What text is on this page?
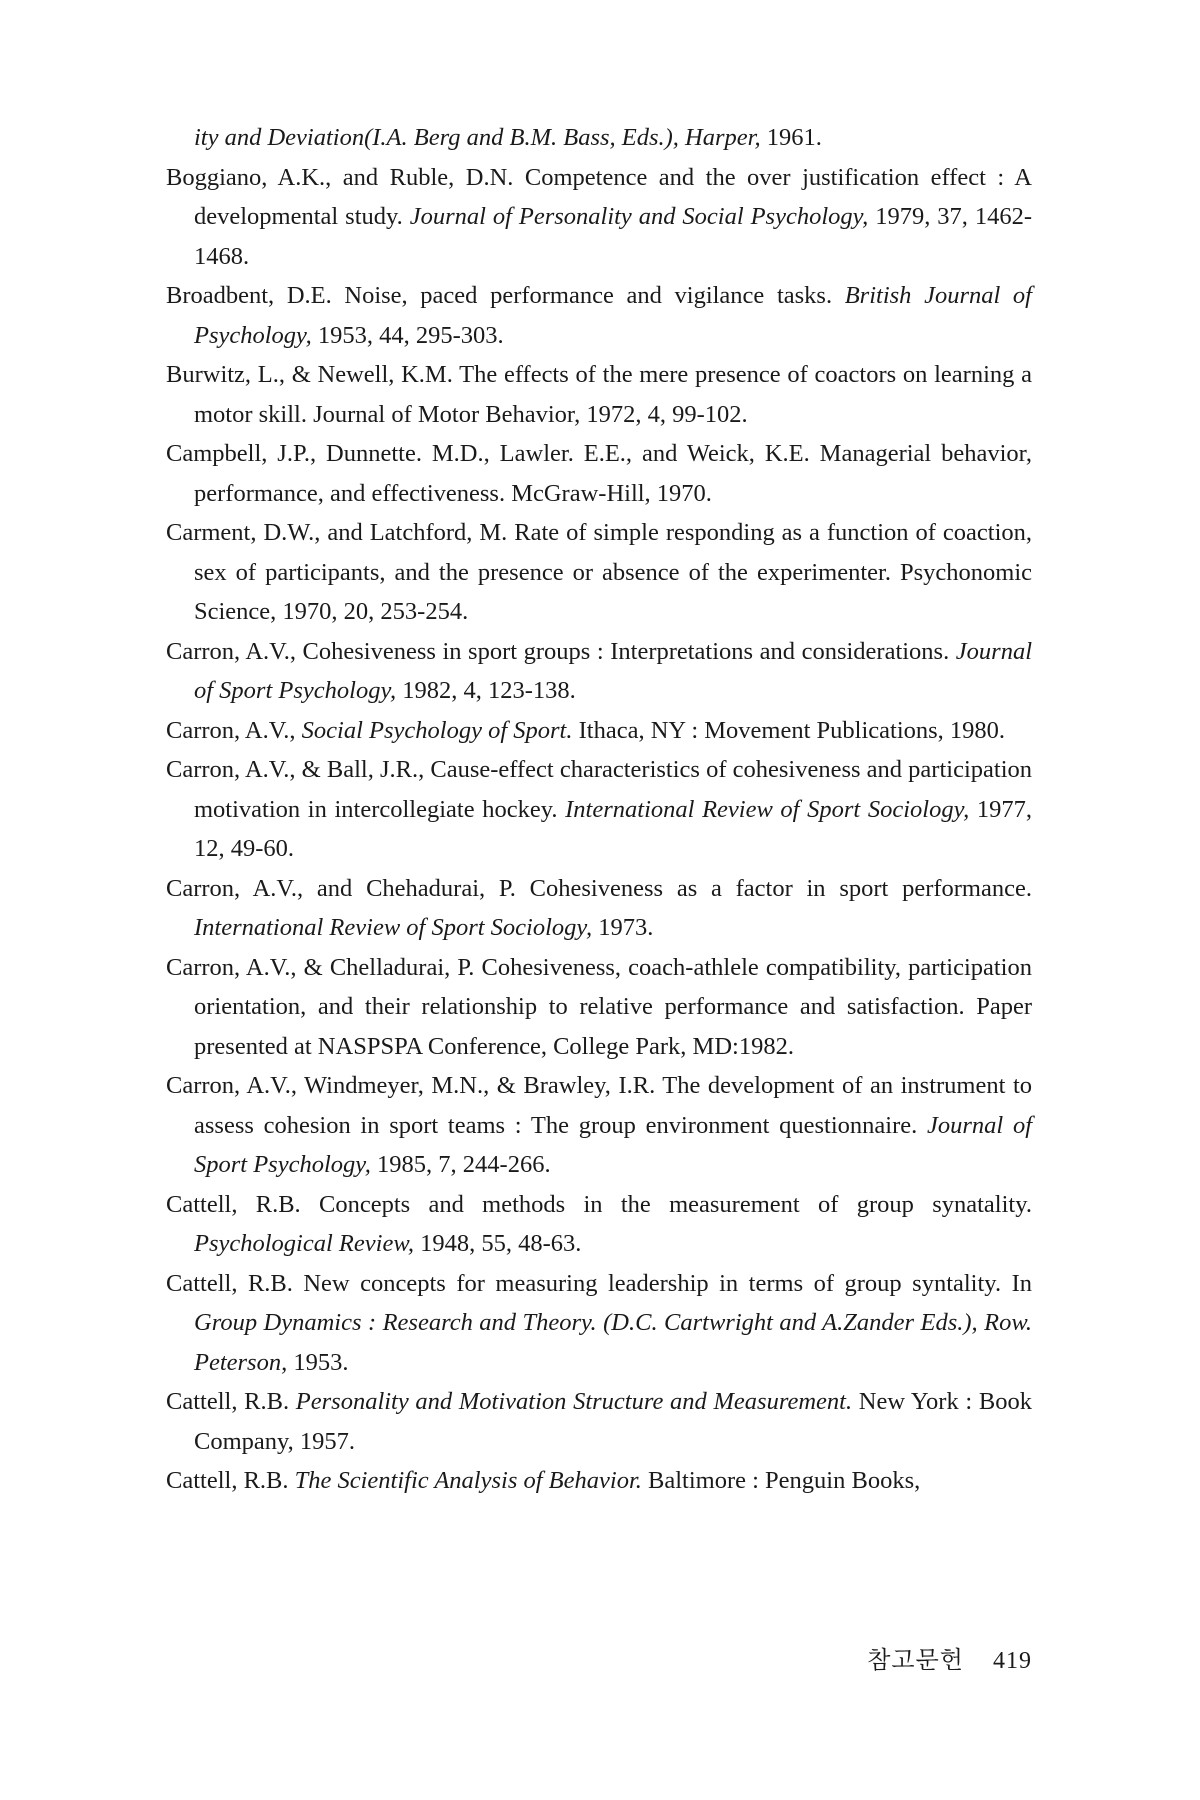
ity and Deviation(I.A. Berg and B.M. Bass, Eds.), Harper, 1961.

Boggiano, A.K., and Ruble, D.N. Competence and the over justification effect : A developmental study. Journal of Personality and Social Psychology, 1979, 37, 1462-1468.

Broadbent, D.E. Noise, paced performance and vigilance tasks. British Journal of Psychology, 1953, 44, 295-303.

Burwitz, L., & Newell, K.M. The effects of the mere presence of coactors on learning a motor skill. Journal of Motor Behavior, 1972, 4, 99-102.

Campbell, J.P., Dunnette. M.D., Lawler. E.E., and Weick, K.E. Managerial behavior, performance, and effectiveness. McGraw-Hill, 1970.

Carment, D.W., and Latchford, M. Rate of simple responding as a function of coaction, sex of participants, and the presence or absence of the experimenter. Psychonomic Science, 1970, 20, 253-254.

Carron, A.V., Cohesiveness in sport groups : Interpretations and considerations. Journal of Sport Psychology, 1982, 4, 123-138.

Carron, A.V., Social Psychology of Sport. Ithaca, NY : Movement Publications, 1980.

Carron, A.V., & Ball, J.R., Cause-effect characteristics of cohesiveness and participation motivation in intercollegiate hockey. International Review of Sport Sociology, 1977, 12, 49-60.

Carron, A.V., and Chehadurai, P. Cohesiveness as a factor in sport performance. International Review of Sport Sociology, 1973.

Carron, A.V., & Chelladurai, P. Cohesiveness, coach-athlele compatibility, participation orientation, and their relationship to relative performance and satisfaction. Paper presented at NASPSPA Conference, College Park, MD:1982.

Carron, A.V., Windmeyer, M.N., & Brawley, I.R. The development of an instrument to assess cohesion in sport teams : The group environment questionnaire. Journal of Sport Psychology, 1985, 7, 244-266.

Cattell, R.B. Concepts and methods in the measurement of group synatality. Psychological Review, 1948, 55, 48-63.

Cattell, R.B. New concepts for measuring leadership in terms of group syntality. In Group Dynamics : Research and Theory. (D.C. Cartwright and A.Zander Eds.), Row. Peterson, 1953.

Cattell, R.B. Personality and Motivation Structure and Measurement. New York : Book Company, 1957.

Cattell, R.B. The Scientific Analysis of Behavior. Baltimore : Penguin Books,

참고문헌 419
